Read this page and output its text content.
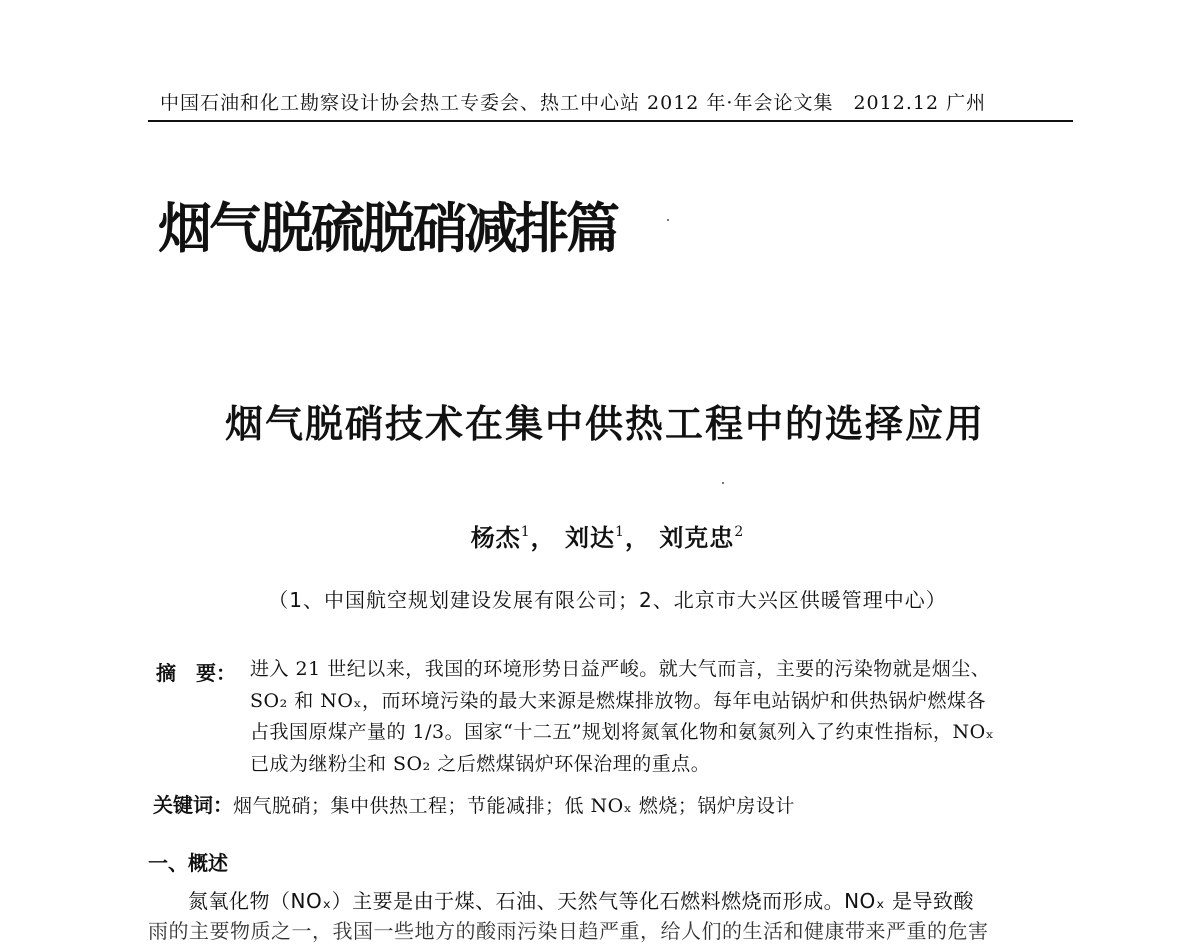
中国石油和化工勘察设计协会热工专委会、热工中心站 2012 年·年会论文集　2012.12 广州
烟气脱硫脱硝减排篇
烟气脱硝技术在集中供热工程中的选择应用
杨杰$^1$， 刘达$^1$， 刘克忠$^2$
（1、中国航空规划建设发展有限公司；2、北京市大兴区供暖管理中心）
摘　要： 进入 21 世纪以来，我国的环境形势日益严峻。就大气而言，主要的污染物就是烟尘、
SO₂ 和 NOₓ，而环境污染的最大来源是燃煤排放物。每年电站锅炉和供热锅炉燃煤各
占我国原煤产量的 1/3。国家“十二五”规划将氮氧化物和氨氮列入了约束性指标，NOₓ
已成为继粉尘和 SO₂ 之后燃煤锅炉环保治理的重点。
关键词：烟气脱硝；集中供热工程；节能减排；低 NOₓ 燃烧；锅炉房设计
一、概述
氮氧化物（NOₓ）主要是由于煤、石油、天然气等化石燃料燃烧而形成。NOₓ 是导致酸
雨的主要物质之一，我国一些地方的酸雨污染日趋严重，给人们的生活和健康带来严重的危害
